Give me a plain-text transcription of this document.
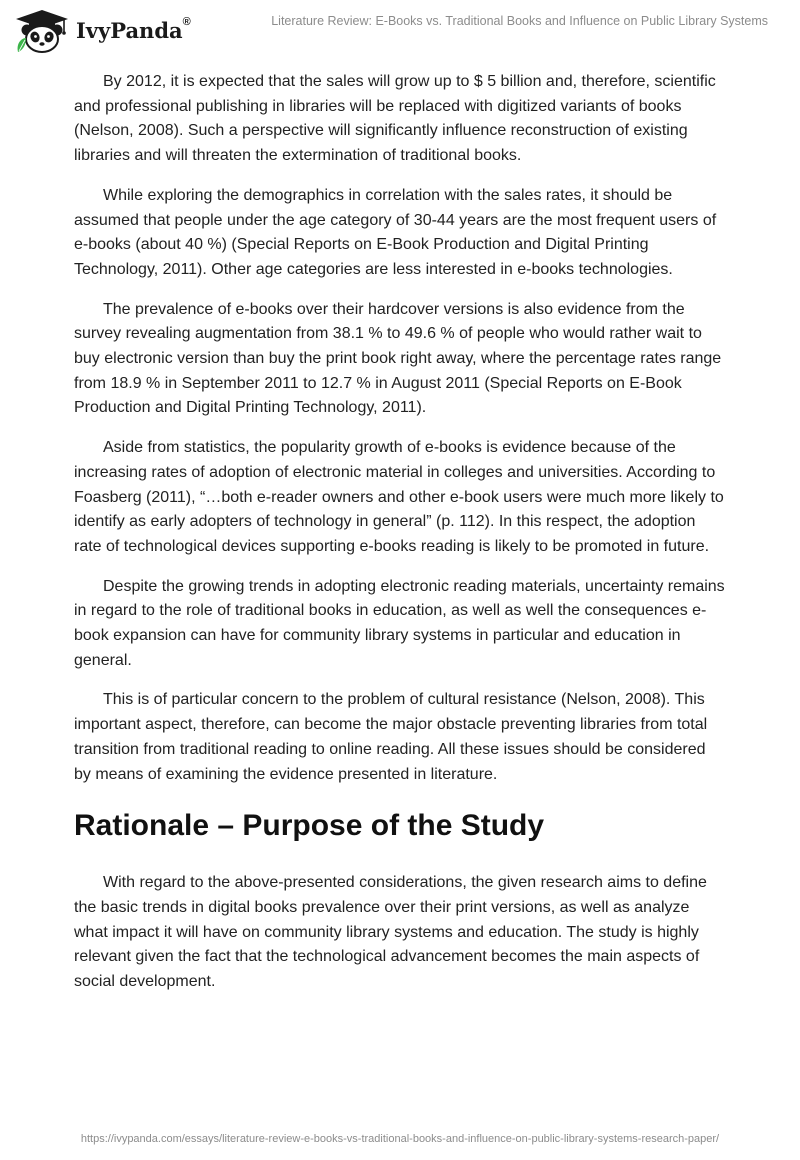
IvyPanda®	Literature Review: E-Books vs. Traditional Books and Influence on Public Library Systems

By 2012, it is expected that the sales will grow up to $ 5 billion and, therefore, scientific and professional publishing in libraries will be replaced with digitized variants of books (Nelson, 2008). Such a perspective will significantly influence reconstruction of existing libraries and will threaten the extermination of traditional books.

While exploring the demographics in correlation with the sales rates, it should be assumed that people under the age category of 30-44 years are the most frequent users of e-books (about 40 %) (Special Reports on E-Book Production and Digital Printing Technology, 2011). Other age categories are less interested in e-books technologies.

The prevalence of e-books over their hardcover versions is also evidence from the survey revealing augmentation from 38.1 % to 49.6 % of people who would rather wait to buy electronic version than buy the print book right away, where the percentage rates range from 18.9 % in September 2011 to 12.7 % in August 2011 (Special Reports on E-Book Production and Digital Printing Technology, 2011).

Aside from statistics, the popularity growth of e-books is evidence because of the increasing rates of adoption of electronic material in colleges and universities. According to Foasberg (2011), “…both e-reader owners and other e-book users were much more likely to identify as early adopters of technology in general” (p. 112). In this respect, the adoption rate of technological devices supporting e-books reading is likely to be promoted in future.

Despite the growing trends in adopting electronic reading materials, uncertainty remains in regard to the role of traditional books in education, as well as well the consequences e-book expansion can have for community library systems in particular and education in general.

This is of particular concern to the problem of cultural resistance (Nelson, 2008). This important aspect, therefore, can become the major obstacle preventing libraries from total transition from traditional reading to online reading. All these issues should be considered by means of examining the evidence presented in literature.

Rationale – Purpose of the Study

With regard to the above-presented considerations, the given research aims to define the basic trends in digital books prevalence over their print versions, as well as analyze what impact it will have on community library systems and education. The study is highly relevant given the fact that the technological advancement becomes the main aspects of social development.

https://ivypanda.com/essays/literature-review-e-books-vs-traditional-books-and-influence-on-public-library-systems-research-paper/
